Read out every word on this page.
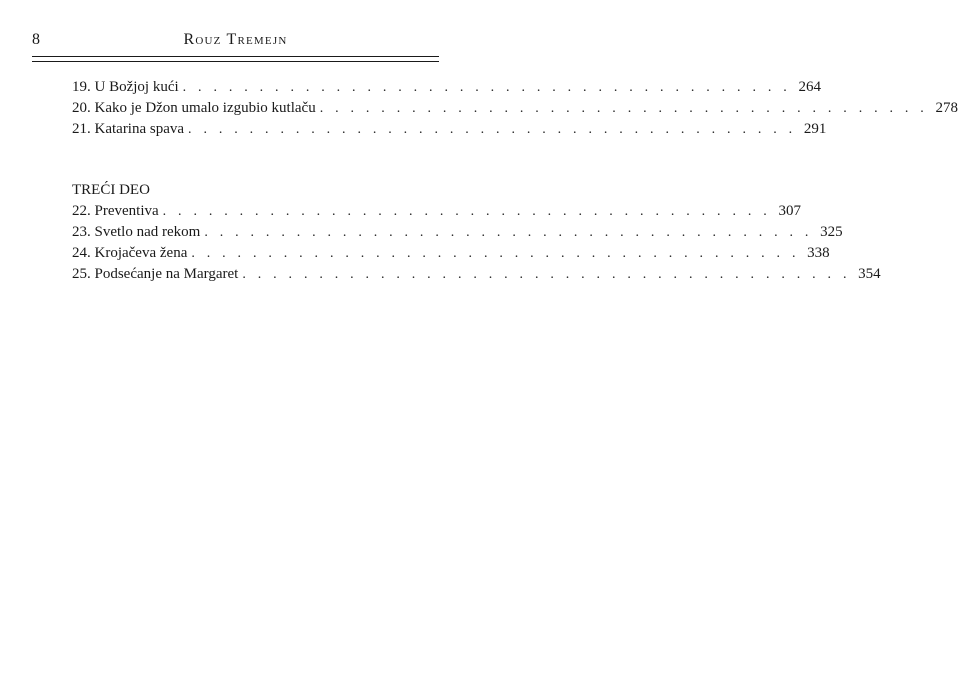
8	Rouz Tremejn
19. U Božjoj kući . . . . . . . . . . . . . . . . . . . . . . . . . . . . . . . . . . . . . . . . 264
20. Kako je Džon umalo izgubio kutlaču . . . . . . . . . . . . . . . . . . . . . . . . . . . . . . . . . . . . . . . . 278
21. Katarina spava . . . . . . . . . . . . . . . . . . . . . . . . . . . . . . . . . . . . . . . . 291
TREĆI DEO
22. Preventiva . . . . . . . . . . . . . . . . . . . . . . . . . . . . . . . . . . . . . . . . 307
23. Svetlo nad rekom . . . . . . . . . . . . . . . . . . . . . . . . . . . . . . . . . . . . . . . . 325
24. Krojačeva žena . . . . . . . . . . . . . . . . . . . . . . . . . . . . . . . . . . . . . . . . 338
25. Podsećanje na Margaret . . . . . . . . . . . . . . . . . . . . . . . . . . . . . . . . . . . . . . . . 354
